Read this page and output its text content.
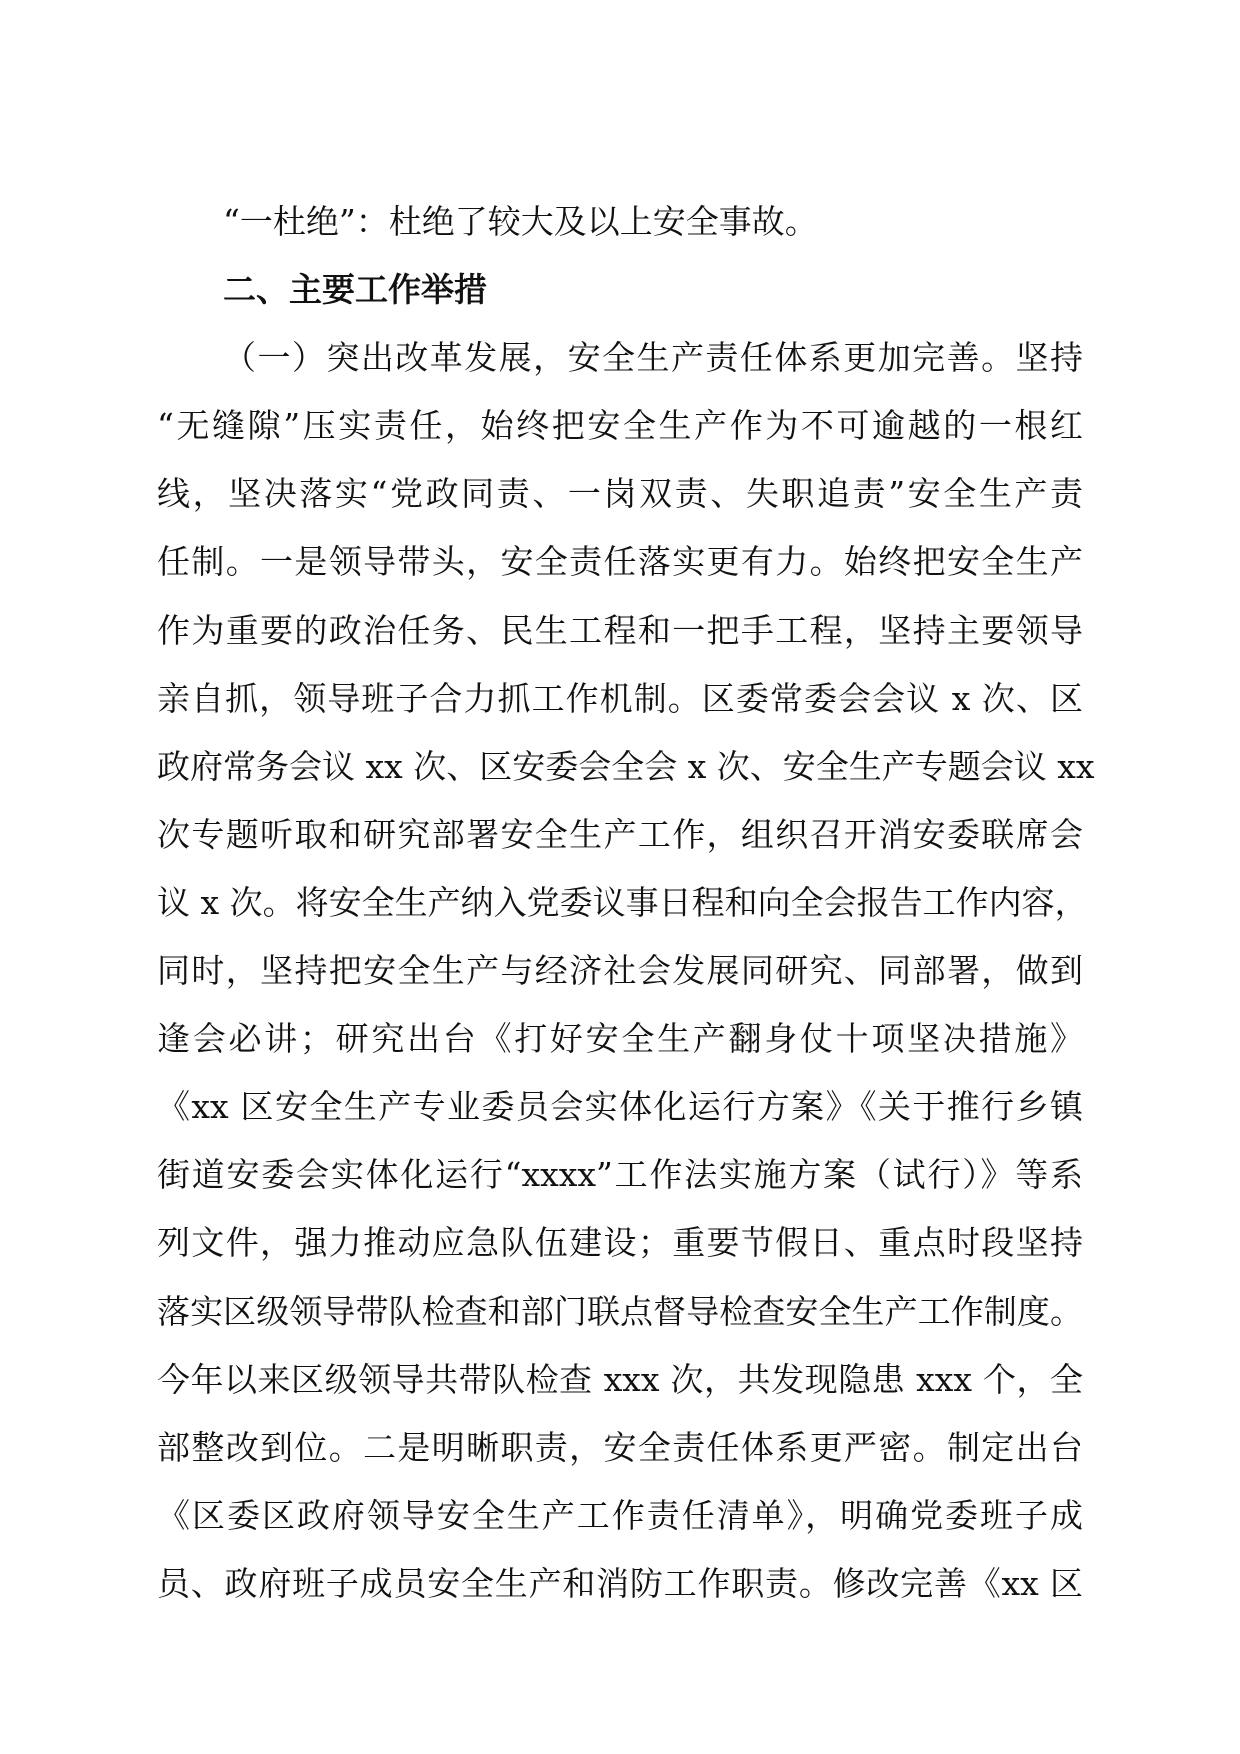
“一杜绝”：杜绝了较大及以上安全事故。
二、主要工作举措
（一）突出改革发展，安全生产责任体系更加完善。坚持
“无缝隙”压实责任，始终把安全生产作为不可逾越的一根红
线，坚决落实“党政同责、一岗双责、失职追责”安全生产责
任制。一是领导带头，安全责任落实更有力。始终把安全生产
作为重要的政治任务、民生工程和一把手工程，坚持主要领导
亲自抓，领导班子合力抓工作机制。区委常委会会议 x 次、区
政府常务会议 xx 次、区安委会全会 x 次、安全生产专题会议 xx
次专题听取和研究部署安全生产工作，组织召开消安委联席会
议 x 次。将安全生产纳入党委议事日程和向全会报告工作内容，
同时，坚持把安全生产与经济社会发展同研究、同部署，做到
逢会必讲；研究出台《打好安全生产翻身仗十项坚决措施》
《xx 区安全生产专业委员会实体化运行方案》《关于推行乡镇
街道安委会实体化运行“xxxx”工作法实施方案（试行）》等系
列文件，强力推动应急队伍建设；重要节假日、重点时段坚持
落实区级领导带队检查和部门联点督导检查安全生产工作制度。
今年以来区级领导共带队检查 xxx 次，共发现隐患 xxx 个，全
部整改到位。二是明晰职责，安全责任体系更严密。制定出台
《区委区政府领导安全生产工作责任清单》，明确党委班子成
员、政府班子成员安全生产和消防工作职责。修改完善《xx 区
